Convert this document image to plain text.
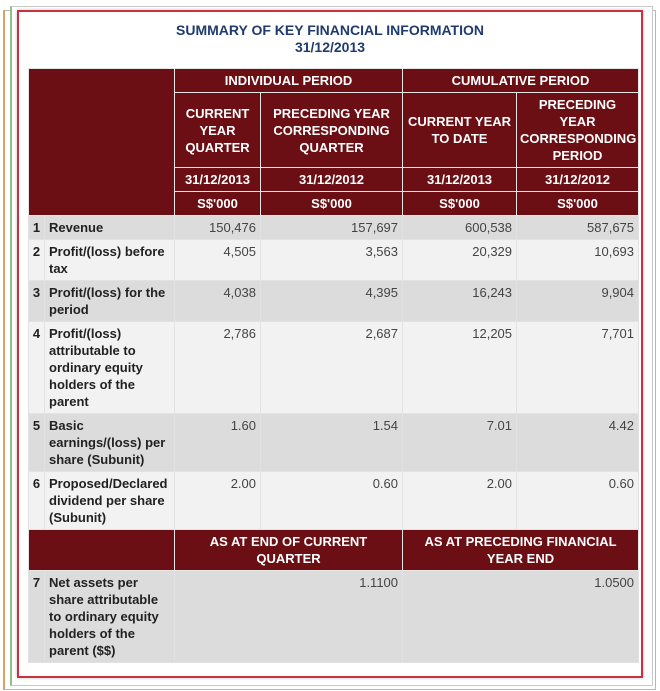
SUMMARY OF KEY FINANCIAL INFORMATION
31/12/2013
		INDIVIDUAL PERIOD		CUMULATIVE PERIOD	
		CURRENT YEAR QUARTER	PRECEDING YEAR CORRESPONDING QUARTER	CURRENT YEAR TO DATE	PRECEDING YEAR CORRESPONDING PERIOD
		31/12/2013	31/12/2012	31/12/2013	31/12/2012
		S$'000	S$'000	S$'000	S$'000
1	Revenue	150,476	157,697	600,538	587,675
2	Profit/(loss) before tax	4,505	3,563	20,329	10,693
3	Profit/(loss) for the period	4,038	4,395	16,243	9,904
4	Profit/(loss) attributable to ordinary equity holders of the parent	2,786	2,687	12,205	7,701
5	Basic earnings/(loss) per share (Subunit)	1.60	1.54	7.01	4.42
6	Proposed/Declared dividend per share (Subunit)	2.00	0.60	2.00	0.60
		AS AT END OF CURRENT QUARTER		AS AT PRECEDING FINANCIAL YEAR END	
7	Net assets per share attributable to ordinary equity holders of the parent ($$)	1.1100		1.0500	
